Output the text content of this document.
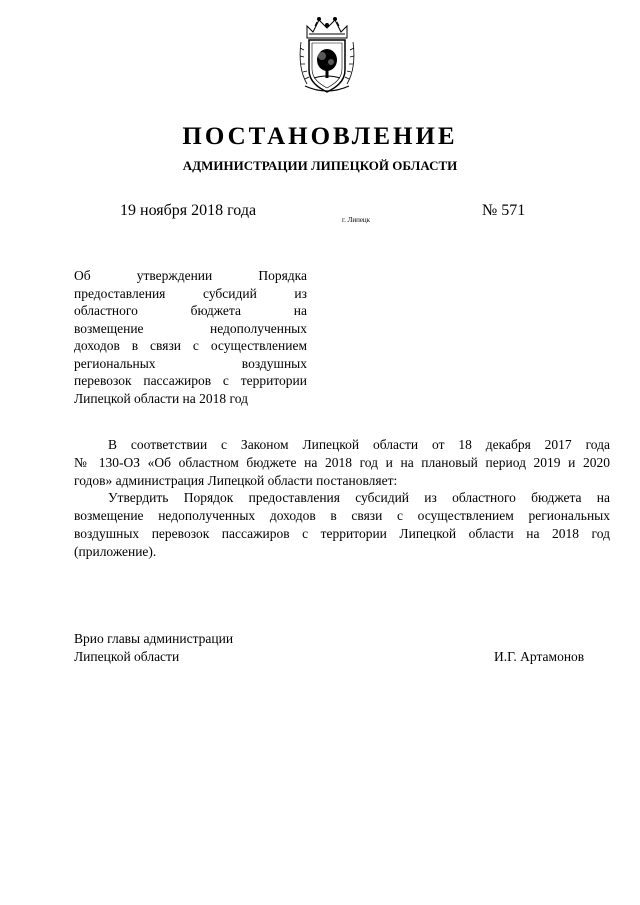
ПОСТАНОВЛЕНИЕ
АДМИНИСТРАЦИИ ЛИПЕЦКОЙ ОБЛАСТИ
19 ноября 2018 года
г. Липецк
№ 571
Об утверждении Порядка
предоставления субсидий из
областного бюджета на
возмещение недополученных
доходов в связи с осуществлением
региональных воздушных
перевозок пассажиров с территории
Липецкой области на 2018 год
В соответствии с Законом Липецкой области от 18 декабря 2017 года
№ 130-ОЗ «Об областном бюджете на 2018 год и на плановый период 2019 и 2020
годов» администрация Липецкой области постановляет:
Утвердить Порядок предоставления субсидий из областного бюджета на
возмещение недополученных доходов в связи с осуществлением региональных
воздушных перевозок пассажиров с территории Липецкой области на 2018 год
(приложение).
Врио главы администрации
Липецкой области	И.Г. Артамонов
